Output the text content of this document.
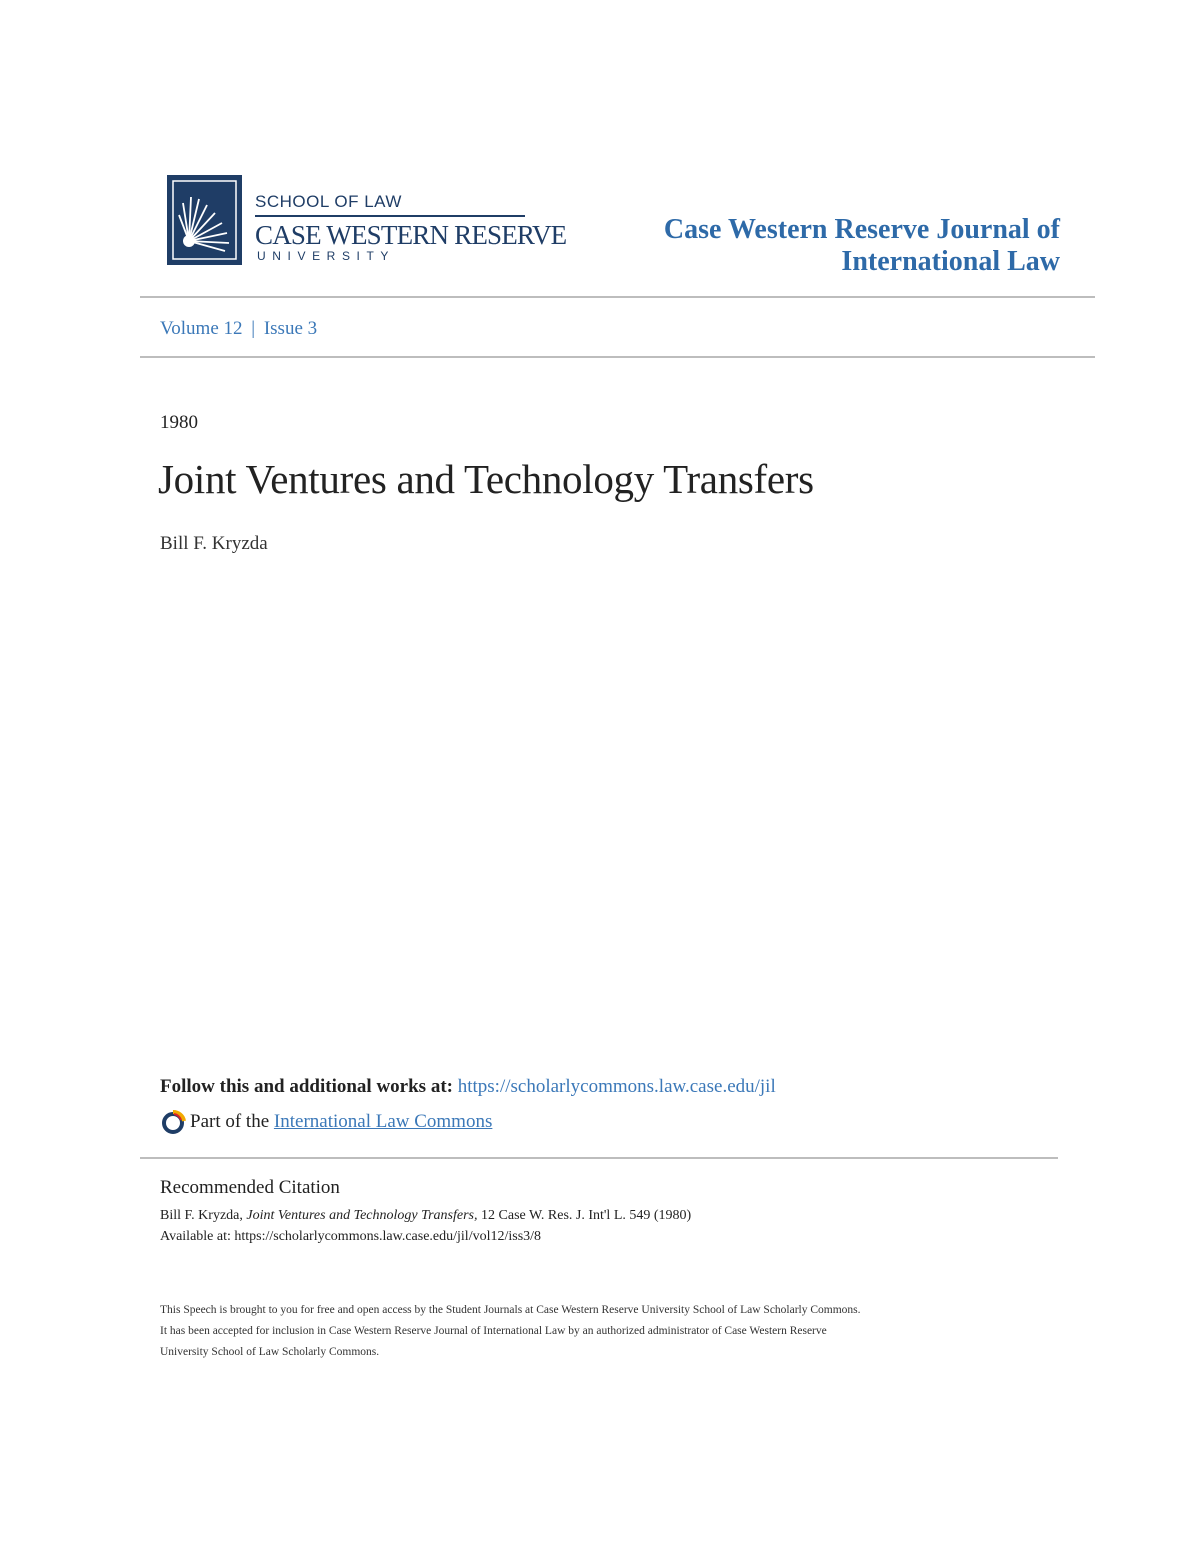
SCHOOL OF LAW
CASE WESTERN RESERVE
UNIVERSITY
Case Western Reserve Journal of
International Law
Volume 12 | Issue 3
1980
Joint Ventures and Technology Transfers
Bill F. Kryzda
Follow this and additional works at: https://scholarlycommons.law.case.edu/jil
Part of the
International Law Commons
Recommended Citation
Bill F. Kryzda, Joint Ventures and Technology Transfers, 12 Case W. Res. J. Int'l L. 549 (1980)
Available at: https://scholarlycommons.law.case.edu/jil/vol12/iss3/8
This Speech is brought to you for free and open access by the Student Journals at Case Western Reserve University School of Law Scholarly Commons.
It has been accepted for inclusion in Case Western Reserve Journal of International Law by an authorized administrator of Case Western Reserve
University School of Law Scholarly Commons.
